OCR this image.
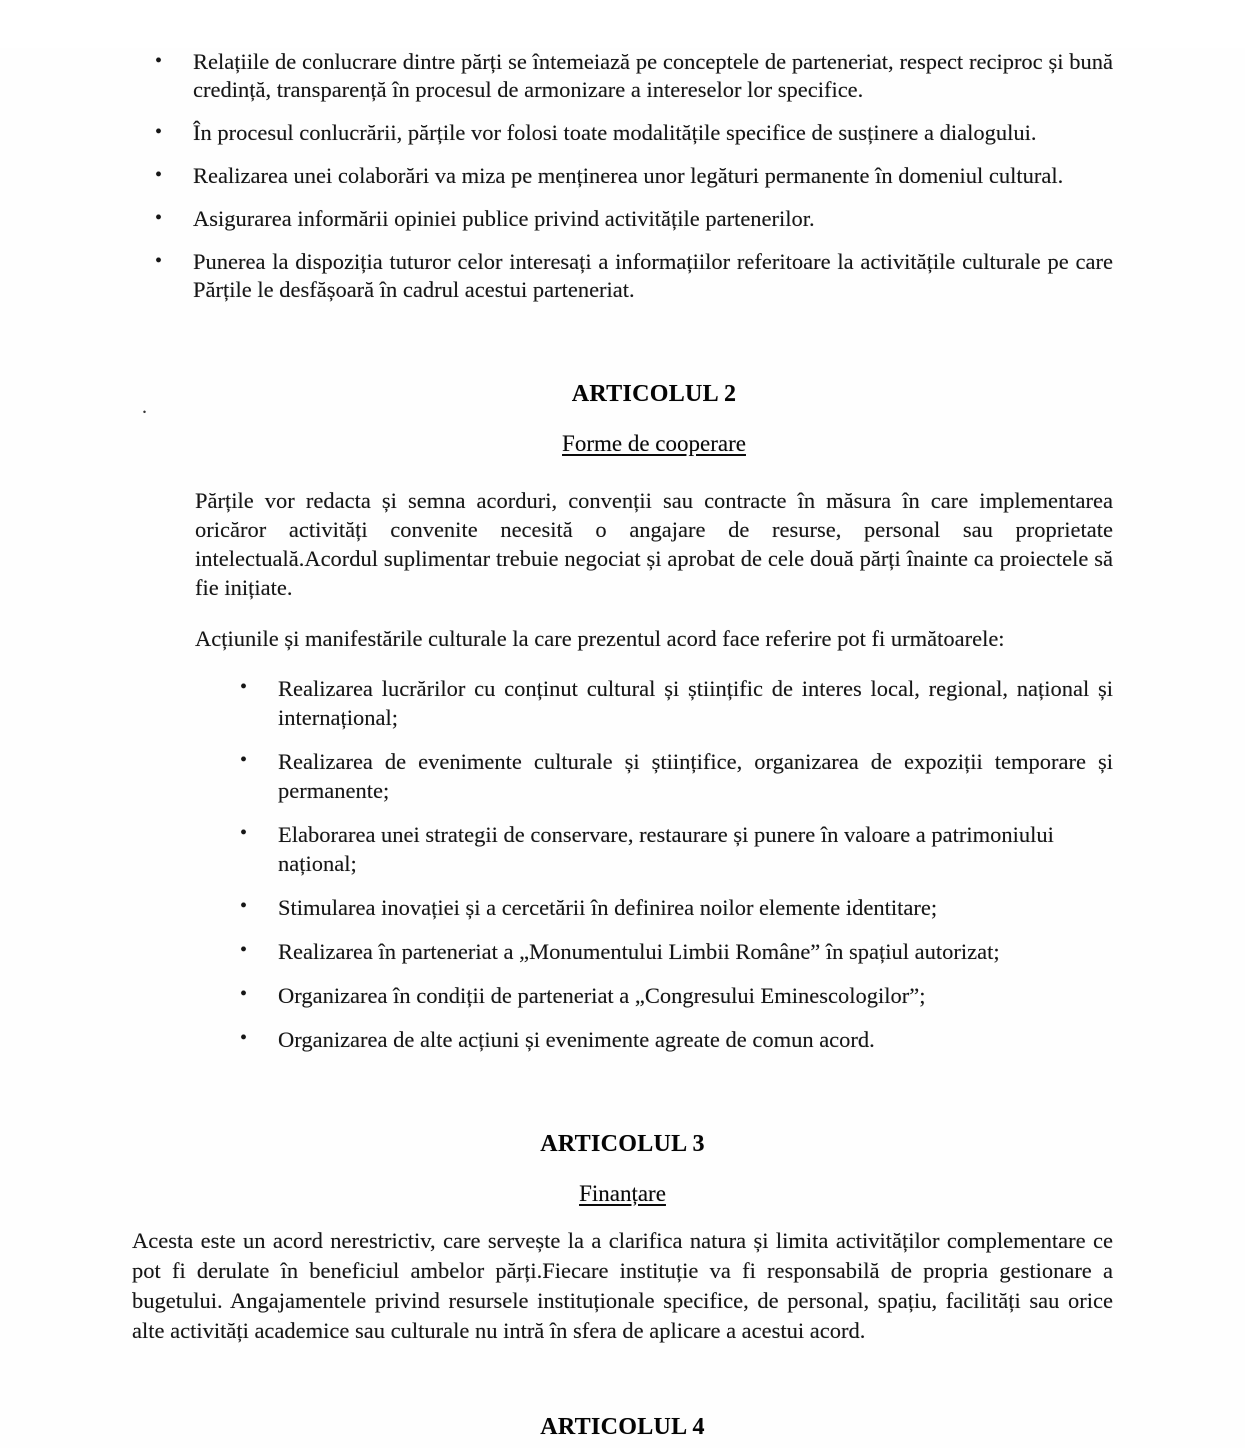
• Relațiile de conlucrare dintre părți se întemeiază pe conceptele de parteneriat, respect reciproc și bună credință, transparență în procesul de armonizare a intereselor lor specifice.
• În procesul conlucrării, părțile vor folosi toate modalitățile specifice de susținere a dialogului.
• Realizarea unei colaborări va miza pe menținerea unor legături permanente în domeniul cultural.
• Asigurarea informării opiniei publice privind activitățile partenerilor.
• Punerea la dispoziția tuturor celor interesați a informațiilor referitoare la activitățile culturale pe care Părțile le desfășoară în cadrul acestui parteneriat.
.	ARTICOLUL 2
Forme de cooperare

Părțile vor redacta și semna acorduri, convenții sau contracte în măsura în care implementarea oricăror activități convenite necesită o angajare de resurse, personal sau proprietate intelectuală.Acordul suplimentar trebuie negociat și aprobat de cele două părți înainte ca proiectele să fie inițiate.

Acțiunile și manifestările culturale la care prezentul acord face referire pot fi următoarele:

• Realizarea lucrărilor cu conținut cultural și științific de interes local, regional, național și internațional;
• Realizarea de evenimente culturale și științifice, organizarea de expoziții temporare și permanente;
• Elaborarea unei strategii de conservare, restaurare și punere în valoare a patrimoniului național;
• Stimularea inovației și a cercetării în definirea noilor elemente identitare;
• Realizarea în parteneriat a „Monumentului Limbii Române” în spațiul autorizat;
• Organizarea în condiții de parteneriat a „Congresului Eminescologilor”;
• Organizarea de alte acțiuni și evenimente agreate de comun acord.
ARTICOLUL 3
Finanțare

Acesta este un acord nerestrictiv, care servește la a clarifica natura și limita activităților complementare ce pot fi derulate în beneficiul ambelor părți.Fiecare instituție va fi responsabilă de propria gestionare a bugetului. Angajamentele privind resursele instituționale specifice, de personal, spațiu, facilități sau orice alte activități academice sau culturale nu intră în sfera de aplicare a acestui acord.

ARTICOLUL 4
